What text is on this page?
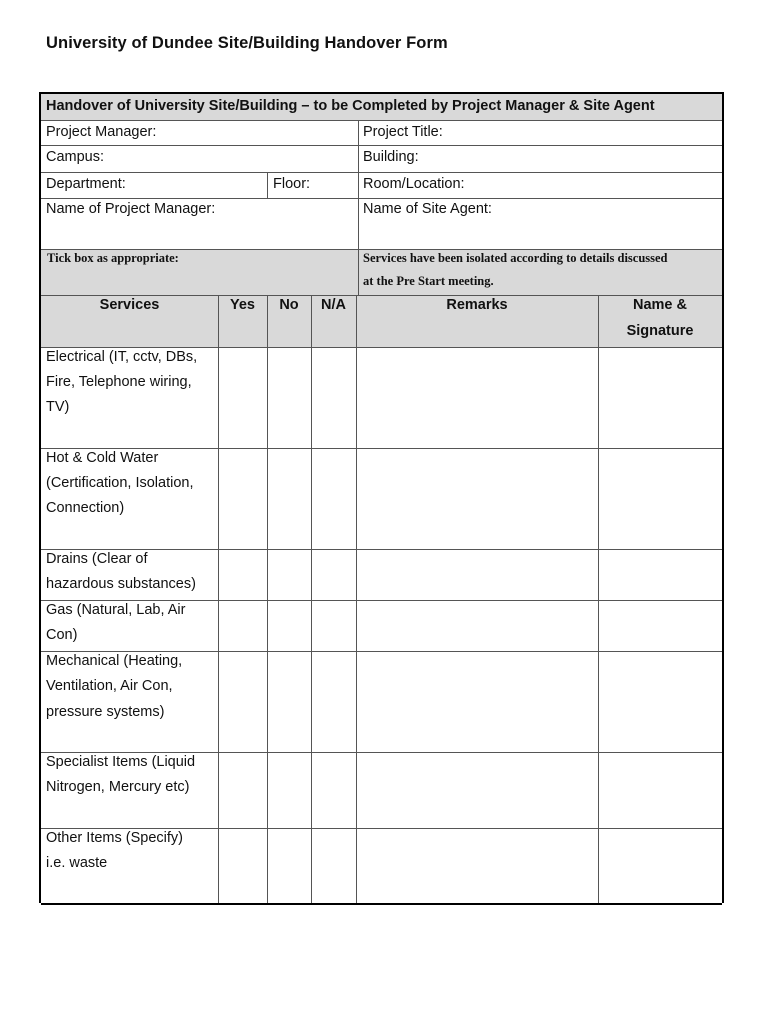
University of Dundee Site/Building Handover Form
Handover of University Site/Building – to be Completed by Project Manager & Site Agent
Project Manager:	Project Title:
Campus:	Building:
Department:	Floor:	Room/Location:
Name of Project Manager:	Name of Site Agent:
Tick box as appropriate:	Services have been isolated according to details discussed
at the Pre Start meeting.
Services	Yes	No	N/A	Remarks	Name &
Signature
Electrical (IT, cctv, DBs,
Fire, Telephone wiring,
TV)
Hot & Cold Water
(Certification, Isolation,
Connection)
Drains (Clear of
hazardous substances)
Gas (Natural, Lab, Air
Con)
Mechanical (Heating,
Ventilation, Air Con,
pressure systems)
Specialist Items (Liquid
Nitrogen, Mercury etc)
Other Items (Specify)
i.e. waste
